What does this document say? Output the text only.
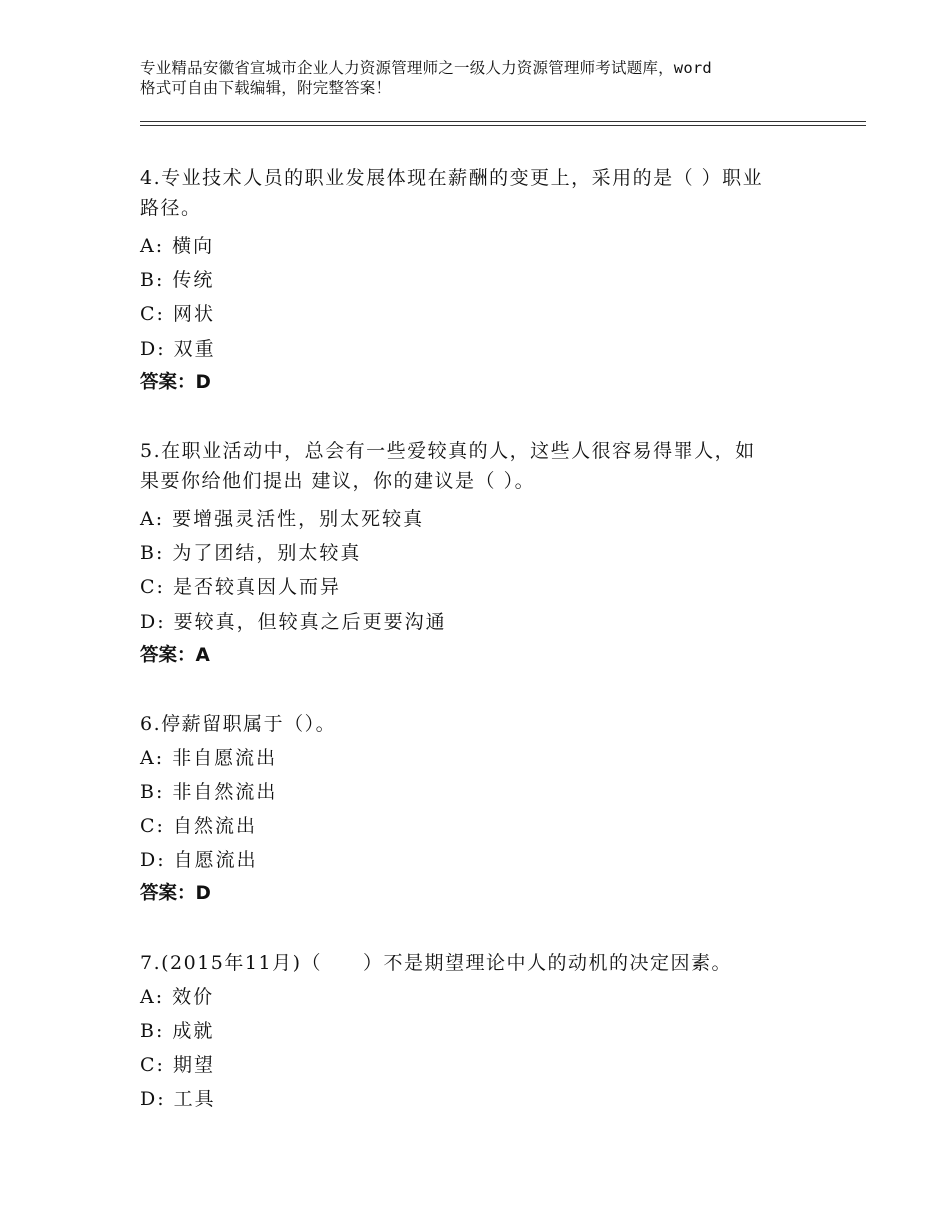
专业精品安徽省宣城市企业人力资源管理师之一级人力资源管理师考试题库，word
格式可自由下载编辑，附完整答案！
4.专业技术人员的职业发展体现在薪酬的变更上，采用的是（ ）职业
路径。
A: 横向
B: 传统
C: 网状
D: 双重
答案：D
5.在职业活动中，总会有一些爱较真的人，这些人很容易得罪人，如
果要你给他们提出 建议，你的建议是（ ）。
A: 要增强灵活性，别太死较真
B: 为了团结，别太较真
C: 是否较真因人而异
D: 要较真，但较真之后更要沟通
答案：A
6.停薪留职属于（）。
A: 非自愿流出
B: 非自然流出
C: 自然流出
D: 自愿流出
答案：D
7.(2015年11月)（　　）不是期望理论中人的动机的决定因素。
A: 效价
B: 成就
C: 期望
D: 工具
